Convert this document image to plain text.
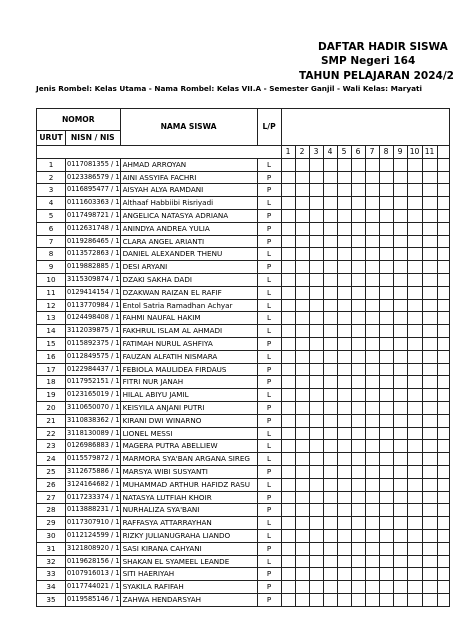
DAFTAR HADIR SISWA
SMP Negeri 164
TAHUN PELAJARAN 2024/2
Jenis Rombel: Kelas Utama - Nama Rombel: Kelas VII.A - Semester Ganjil - Wali Kelas: Maryati
NOMOR		NAMA SISWA	L/P												
URUT	NISN / NIS														
				1	2	3	4	5	6	7	8	9	10	11	
1	0117081355 / 1	AHMAD ARROYAN	L												
2	0123386579 / 1	AINI ASSYIFA FACHRI	P												
3	0116895477 / 1	AISYAH ALYA RAMDANI	P												
4	0111603363 / 1	Althaaf Habbiibi Risriyadi	L												
5	0117498721 / 1	ANGELICA NATASYA ADRIANA	P												
6	0112631748 / 1	ANINDYA ANDREA YULIA	P												
7	0119286465 / 1	CLARA ANGEL ARIANTI	P												
8	0113572863 / 1	DANIEL ALEXANDER THENU	L												
9	0119882885 / 1	DESI ARYANI	P												
10	3115309874 / 1	DZAKI SAKHA DADI	L												
11	0129414154 / 1	DZAKWAN RAIZAN EL RAFIF	L												
12	0113770984 / 1	Entol Satria Ramadhan Achyar	L												
13	0124498408 / 1	FAHMI NAUFAL HAKIM	L												
14	3112039875 / 1	FAKHRUL ISLAM AL AHMADI	L												
15	0115892375 / 1	FATIMAH NURUL ASHFIYA	P												
16	0112849575 / 1	FAUZAN ALFATIH NISMARA	L												
17	0122984437 / 1	FEBIOLA MAULIDEA FIRDAUS	P												
18	0117952151 / 1	FITRI NUR JANAH	P												
19	0123165019 / 1	HILAL ABIYU JAMIL	L												
20	3110650070 / 1	KEISYILA ANJANI PUTRI	P												
21	3110838362 / 1	KIRANI DWI WINARNO	P												
22	3118130089 / 1	LIONEL MESSI	L												
23	0126986883 / 1	MAGERA PUTRA ABELLIEW	L												
24	0115579872 / 1	MARMORA SYA'BAN ARGANA SIREG	L												
25	3112675886 / 1	MARSYA WIBI SUSYANTI	P												
26	3124164682 / 1	MUHAMMAD ARTHUR HAFIDZ RASU	L												
27	0117233374 / 1	NATASYA LUTFIAH KHOIR	P												
28	0113888231 / 1	NURHALIZA SYA'BANI	P												
29	0117307910 / 1	RAFFASYA ATTARRAYHAN	L												
30	0112124599 / 1	RIZKY JULIANUGRAHA LIANDO	L												
31	3121808920 / 1	SASI KIRANA CAHYANI	P												
32	0119628156 / 1	SHAKAN EL SYAMEEL LEANDE	L												
33	0107916013 / 1	SITI HAERIYAH	P												
34	0117744021 / 1	SYAKILA RAFIFAH	P												
35	0119585146 / 1	ZAHWA HENDARSYAH	P												
